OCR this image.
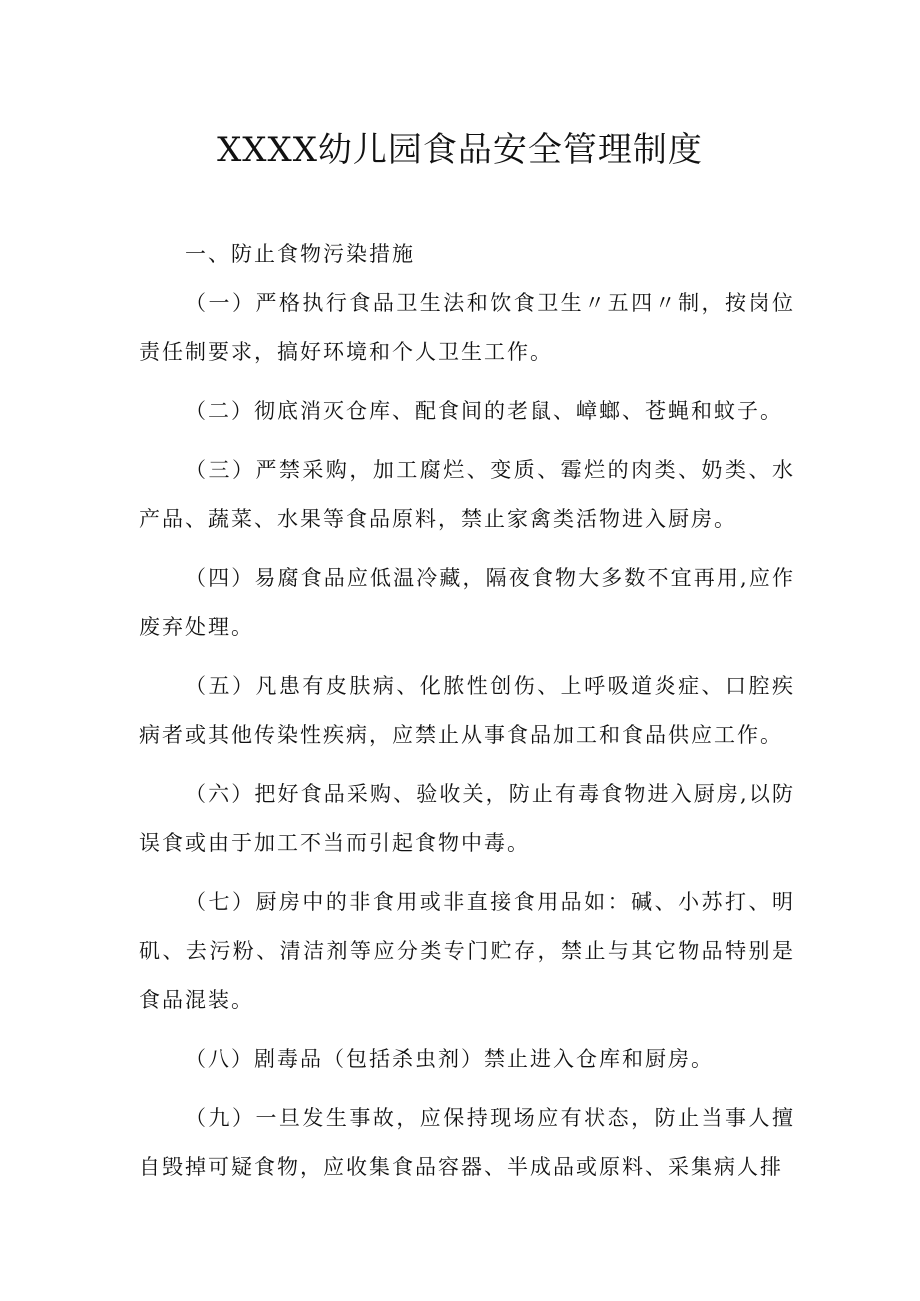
XXXX幼儿园食品安全管理制度

一、防止食物污染措施

（一）严格执行食品卫生法和饮食卫生〃五四〃制，按岗位责任制要求，搞好环境和个人卫生工作。

（二）彻底消灭仓库、配食间的老鼠、嶂螂、苍蝇和蚊子。

（三）严禁采购，加工腐烂、变质、霉烂的肉类、奶类、水产品、蔬菜、水果等食品原料，禁止家禽类活物进入厨房。

（四）易腐食品应低温冷藏，隔夜食物大多数不宜再用,应作废弃处理。

（五）凡患有皮肤病、化脓性创伤、上呼吸道炎症、口腔疾病者或其他传染性疾病，应禁止从事食品加工和食品供应工作。

（六）把好食品采购、验收关，防止有毒食物进入厨房,以防误食或由于加工不当而引起食物中毒。

（七）厨房中的非食用或非直接食用品如：碱、小苏打、明矶、去污粉、清洁剂等应分类专门贮存，禁止与其它物品特别是食品混装。

（八）剧毒品（包括杀虫剂）禁止进入仓库和厨房。

（九）一旦发生事故，应保持现场应有状态，防止当事人擅自毁掉可疑食物，应收集食品容器、半成品或原料、采集病人排
